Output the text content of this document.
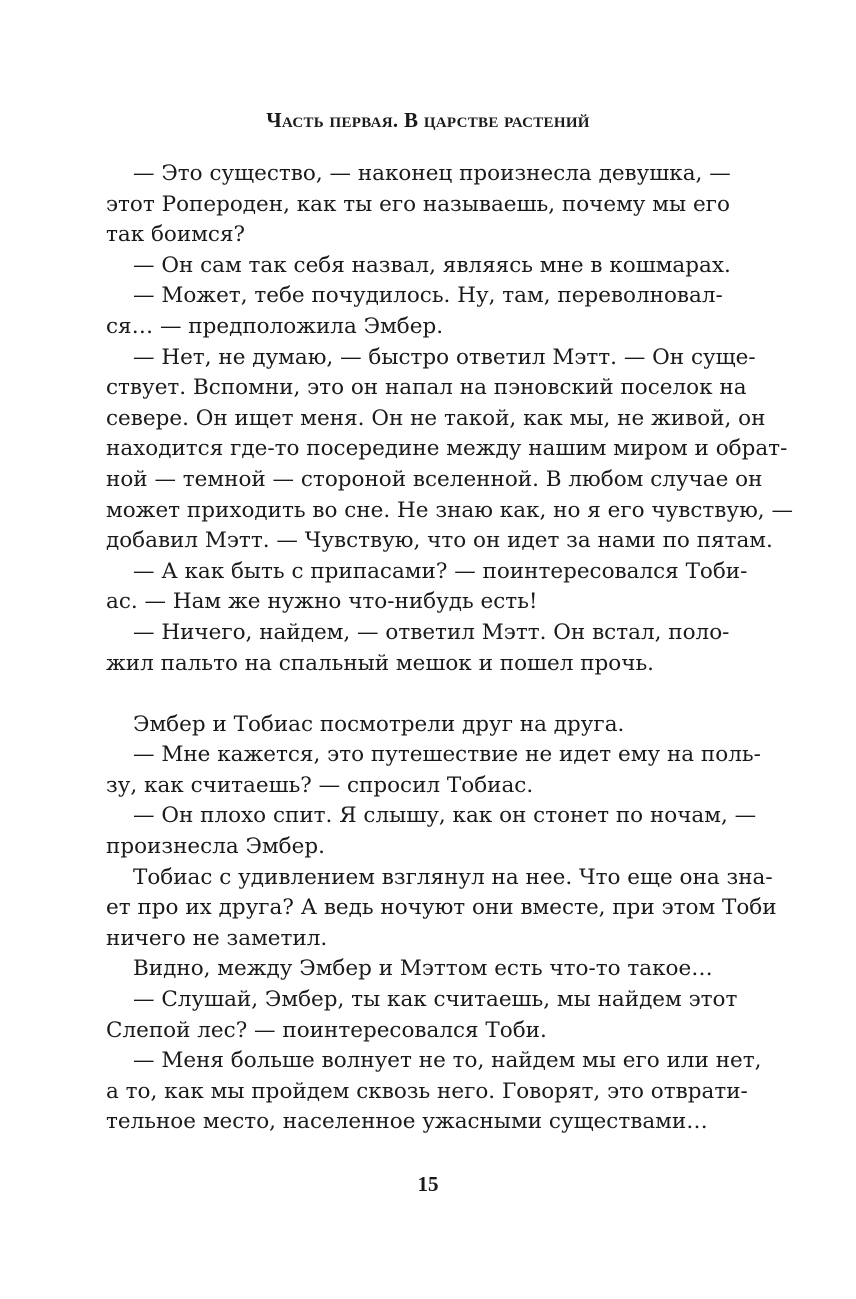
Часть первая. В царстве растений
— Это существо, — наконец произнесла девушка, —
этот Ропероден, как ты его называешь, почему мы его
так боимся?
— Он сам так себя назвал, являясь мне в кошмарах.
— Может, тебе почудилось. Ну, там, переволновал-
ся… — предположила Эмбер.
— Нет, не думаю, — быстро ответил Мэтт. — Он суще-
ствует. Вспомни, это он напал на пэновский поселок на
севере. Он ищет меня. Он не такой, как мы, не живой, он
находится где-то посередине между нашим миром и обрат-
ной — темной — стороной вселенной. В любом случае он
может приходить во сне. Не знаю как, но я его чувствую, —
добавил Мэтт. — Чувствую, что он идет за нами по пятам.
— А как быть с припасами? — поинтересовался Тоби-
ас. — Нам же нужно что-нибудь есть!
— Ничего, найдем, — ответил Мэтт. Он встал, поло-
жил пальто на спальный мешок и пошел прочь.
Эмбер и Тобиас посмотрели друг на друга.
— Мне кажется, это путешествие не идет ему на поль-
зу, как считаешь? — спросил Тобиас.
— Он плохо спит. Я слышу, как он стонет по ночам, —
произнесла Эмбер.
Тобиас с удивлением взглянул на нее. Что еще она зна-
ет про их друга? А ведь ночуют они вместе, при этом Тоби
ничего не заметил.
Видно, между Эмбер и Мэттом есть что-то такое…
— Слушай, Эмбер, ты как считаешь, мы найдем этот
Слепой лес? — поинтересовался Тоби.
— Меня больше волнует не то, найдем мы его или нет,
а то, как мы пройдем сквозь него. Говорят, это отврати-
тельное место, населенное ужасными существами…
15
